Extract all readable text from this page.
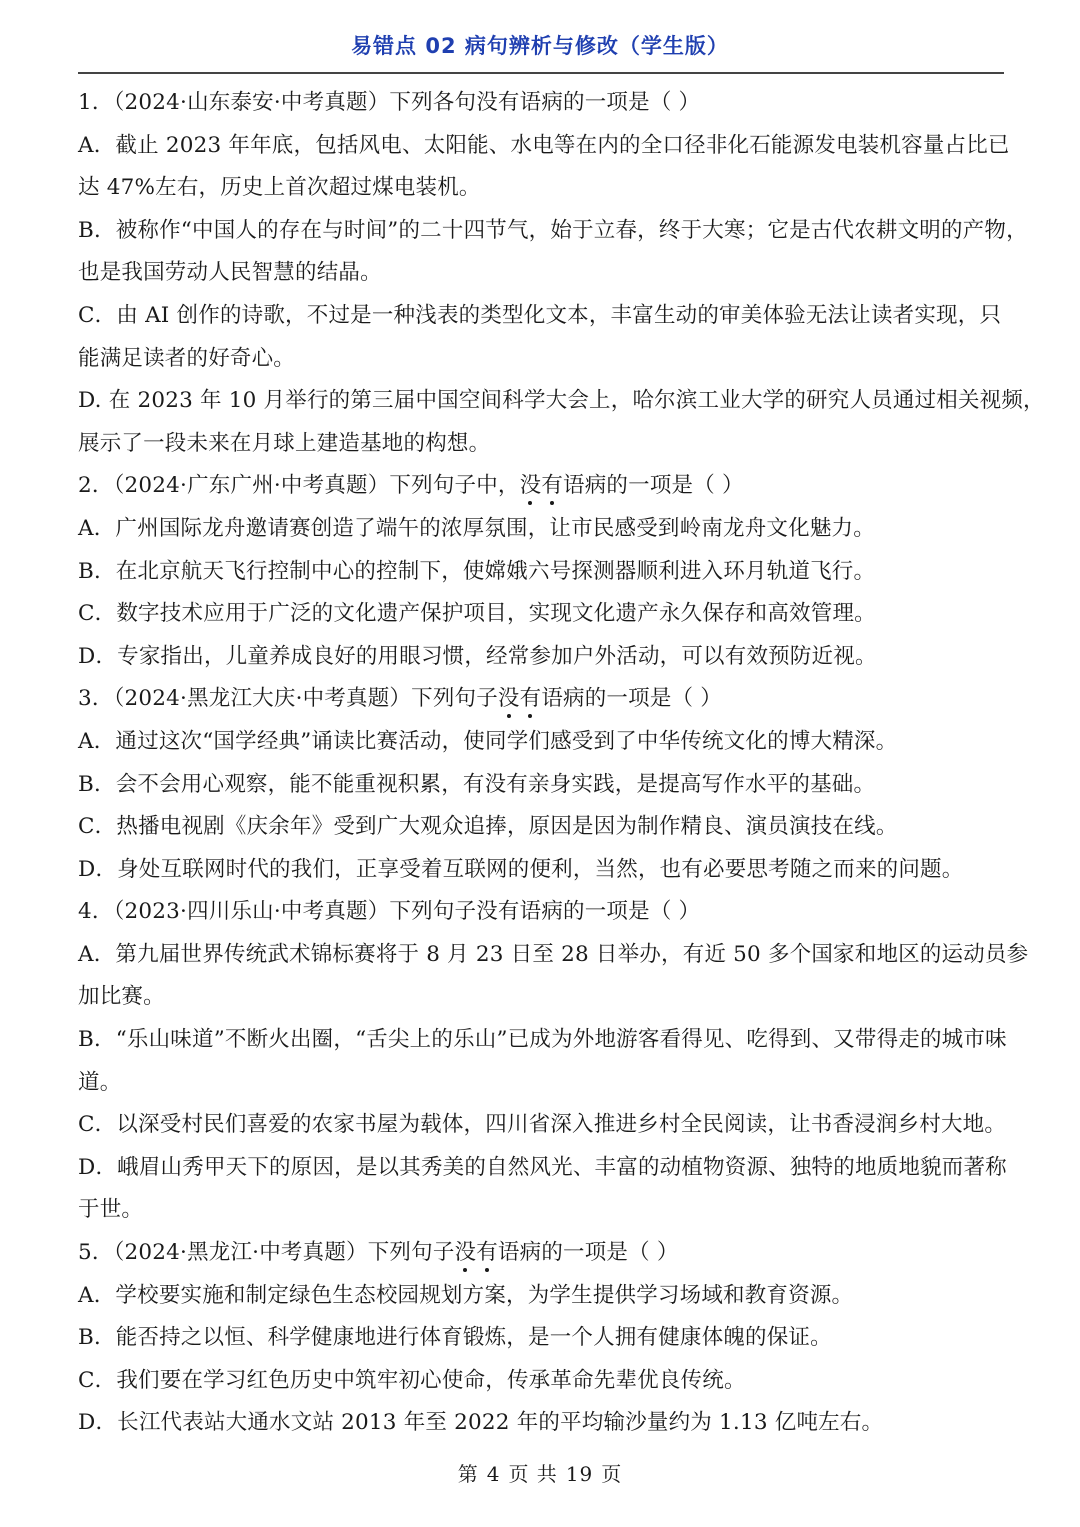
易错点 02 病句辨析与修改（学生版）
1．（2024·山东泰安·中考真题）下列各句没有语病的一项是（ ）
A．截止 2023 年年底，包括风电、太阳能、水电等在内的全口径非化石能源发电装机容量占比已
达 47%左右，历史上首次超过煤电装机。
B．被称作“中国人的存在与时间”的二十四节气，始于立春，终于大寒；它是古代农耕文明的产物，
也是我国劳动人民智慧的结晶。
C．由 AI 创作的诗歌，不过是一种浅表的类型化文本，丰富生动的审美体验无法让读者实现，只
能满足读者的好奇心。
D. 在 2023 年 10 月举行的第三届中国空间科学大会上，哈尔滨工业大学的研究人员通过相关视频，
展示了一段未来在月球上建造基地的构想。
2．（2024·广东广州·中考真题）下列句子中，没有语病的一项是（ ）
A．广州国际龙舟邀请赛创造了端午的浓厚氛围，让市民感受到岭南龙舟文化魅力。
B．在北京航天飞行控制中心的控制下，使嫦娥六号探测器顺利进入环月轨道飞行。
C．数字技术应用于广泛的文化遗产保护项目，实现文化遗产永久保存和高效管理。
D．专家指出，儿童养成良好的用眼习惯，经常参加户外活动，可以有效预防近视。
3．（2024·黑龙江大庆·中考真题）下列句子没有语病的一项是（ ）
A．通过这次“国学经典”诵读比赛活动，使同学们感受到了中华传统文化的博大精深。
B．会不会用心观察，能不能重视积累，有没有亲身实践，是提高写作水平的基础。
C．热播电视剧《庆余年》受到广大观众追捧，原因是因为制作精良、演员演技在线。
D．身处互联网时代的我们，正享受着互联网的便利，当然，也有必要思考随之而来的问题。
4．（2023·四川乐山·中考真题）下列句子没有语病的一项是（ ）
A．第九届世界传统武术锦标赛将于 8 月 23 日至 28 日举办，有近 50 多个国家和地区的运动员参
加比赛。
B．“乐山味道”不断火出圈，“舌尖上的乐山”已成为外地游客看得见、吃得到、又带得走的城市味
道。
C．以深受村民们喜爱的农家书屋为载体，四川省深入推进乡村全民阅读，让书香浸润乡村大地。
D．峨眉山秀甲天下的原因，是以其秀美的自然风光、丰富的动植物资源、独特的地质地貌而著称
于世。
5．（2024·黑龙江·中考真题）下列句子没有语病的一项是（ ）
A．学校要实施和制定绿色生态校园规划方案，为学生提供学习场域和教育资源。
B．能否持之以恒、科学健康地进行体育锻炼，是一个人拥有健康体魄的保证。
C．我们要在学习红色历史中筑牢初心使命，传承革命先辈优良传统。
D．长江代表站大通水文站 2013 年至 2022 年的平均输沙量约为 1.13 亿吨左右。
第 4 页 共 19 页
